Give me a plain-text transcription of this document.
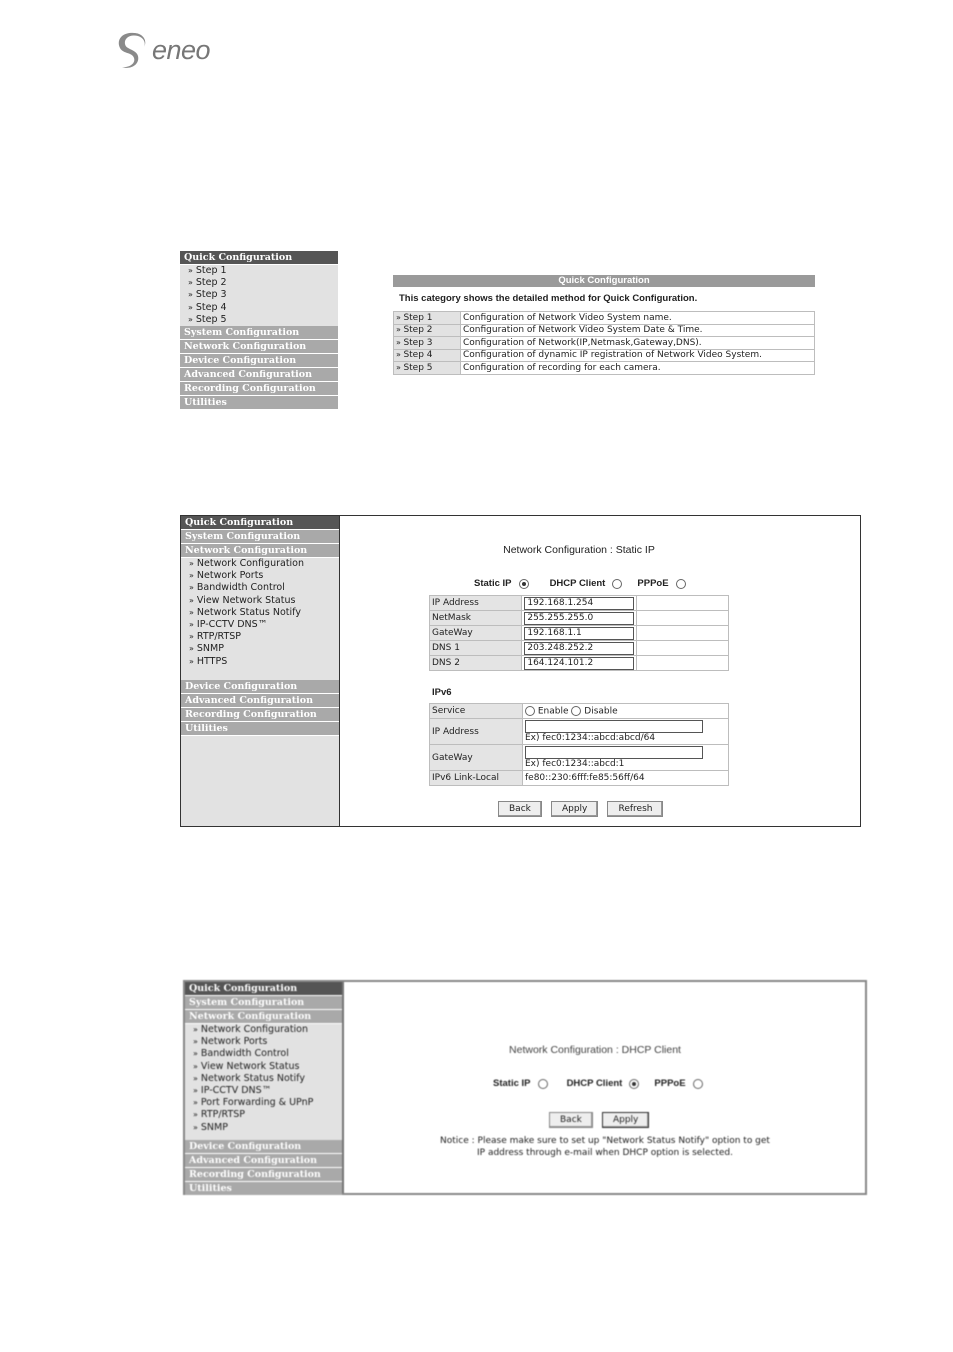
eneo
Quick Configuration
» Step 1
» Step 2
» Step 3
» Step 4
» Step 5
System Configuration
Network Configuration
Device Configuration
Advanced Configuration
Recording Configuration
Utilities
Quick Configuration
This category shows the detailed method for Quick Configuration.
» Step 1	Configuration of Network Video System name.
» Step 2	Configuration of Network Video System Date & Time.
» Step 3	Configuration of Network(IP,Netmask,Gateway,DNS).
» Step 4	Configuration of dynamic IP registration of Network Video System.
» Step 5	Configuration of recording for each camera.
Quick Configuration
System Configuration
Network Configuration
» Network Configuration
» Network Ports
» Bandwidth Control
» View Network Status
» Network Status Notify
» IP-CCTV DNS™
» RTP/RTSP
» SNMP
» HTTPS
Device Configuration
Advanced Configuration
Recording Configuration
Utilities
Network Configuration : Static IP
Static IP	DHCP Client	PPPoE
IP Address	192.168.1.254	
NetMask	255.255.255.0	
GateWay	192.168.1.1	
DNS 1	203.248.252.2	
DNS 2	164.124.101.2	
IPv6
Service	Enable Disable
IP Address	Ex) fec0:1234::abcd:abcd/64
GateWay	Ex) fec0:1234::abcd:1
IPv6 Link-Local	fe80::230:6fff:fe85:56ff/64
Back	Apply	Refresh
Quick Configuration
System Configuration
Network Configuration
» Network Configuration
» Network Ports
» Bandwidth Control
» View Network Status
» Network Status Notify
» IP-CCTV DNS™
» Port Forwarding & UPnP
» RTP/RTSP
» SNMP
Device Configuration
Advanced Configuration
Recording Configuration
Utilities
Network Configuration : DHCP Client
Static IP	DHCP Client	PPPoE
Back	Apply
Notice : Please make sure to set up "Network Status Notify" option to get
IP address through e-mail when DHCP option is selected.
